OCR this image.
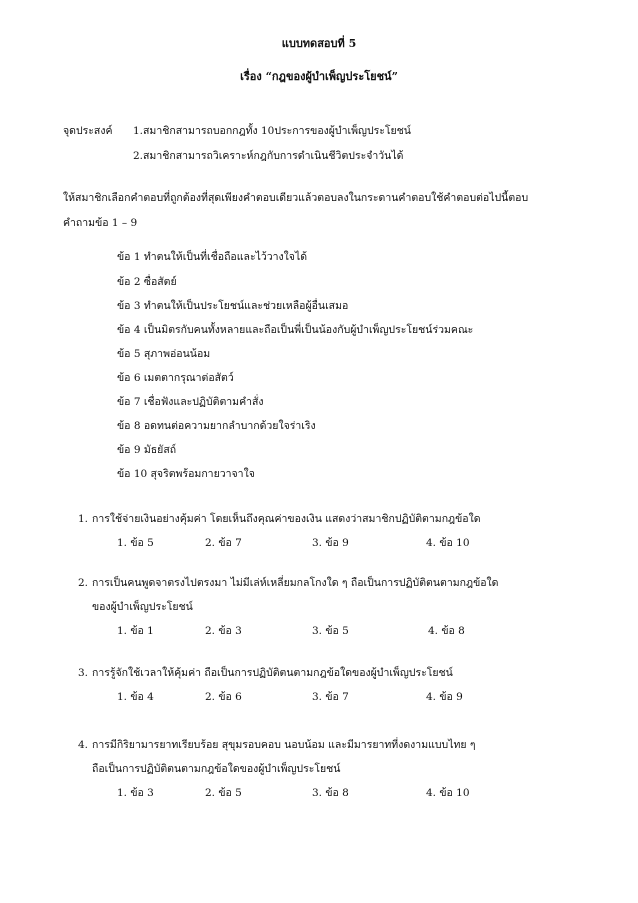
แบบทดสอบที่ 5
เรื่อง “กฎของผู้บำเพ็ญประโยชน์”
จุดประสงค์ 1.สมาชิกสามารถบอกกฎทั้ง 10ประการของผู้บำเพ็ญประโยชน์
2.สมาชิกสามารถวิเคราะห์กฎกับการดำเนินชีวิตประจำวันได้
ให้สมาชิกเลือกคำตอบที่ถูกต้องที่สุดเพียงคำตอบเดียวแล้วตอบลงในกระดานคำตอบใช้คำตอบต่อไปนี้ตอบ
คำถามข้อ 1 – 9
ข้อ 1 ทำตนให้เป็นที่เชื่อถือและไว้วางใจได้
ข้อ 2 ซื่อสัตย์
ข้อ 3 ทำตนให้เป็นประโยชน์และช่วยเหลือผู้อื่นเสมอ
ข้อ 4 เป็นมิตรกับคนทั้งหลายและถือเป็นพี่เป็นน้องกับผู้บำเพ็ญประโยชน์ร่วมคณะ
ข้อ 5 สุภาพอ่อนน้อม
ข้อ 6 เมตตากรุณาต่อสัตว์
ข้อ 7 เชื่อฟังและปฏิบัติตามคำสั่ง
ข้อ 8 อดทนต่อความยากลำบากด้วยใจร่าเริง
ข้อ 9 มัธยัสถ์
ข้อ 10 สุจริตพร้อมกายวาจาใจ
1. การใช้จ่ายเงินอย่างคุ้มค่า โดยเห็นถึงคุณค่าของเงิน แสดงว่าสมาชิกปฏิบัติตามกฎข้อใด
1. ข้อ 5	2. ข้อ 7	3. ข้อ 9	4. ข้อ 10
2. การเป็นคนพูดจาตรงไปตรงมา ไม่มีเล่ห์เหลี่ยมกลโกงใด ๆ ถือเป็นการปฏิบัติตนตามกฎข้อใด
ของผู้บำเพ็ญประโยชน์
1. ข้อ 1	2. ข้อ 3	3. ข้อ 5	4. ข้อ 8
3. การรู้จักใช้เวลาให้คุ้มค่า ถือเป็นการปฏิบัติตนตามกฎข้อใดของผู้บำเพ็ญประโยชน์
1. ข้อ 4	2. ข้อ 6	3. ข้อ 7	4. ข้อ 9
4. การมีกิริยามารยาทเรียบร้อย สุขุมรอบคอบ นอบน้อม และมีมารยาทที่งดงามแบบไทย ๆ
ถือเป็นการปฏิบัติตนตามกฎข้อใดของผู้บำเพ็ญประโยชน์
1. ข้อ 3	2. ข้อ 5	3. ข้อ 8	4. ข้อ 10
